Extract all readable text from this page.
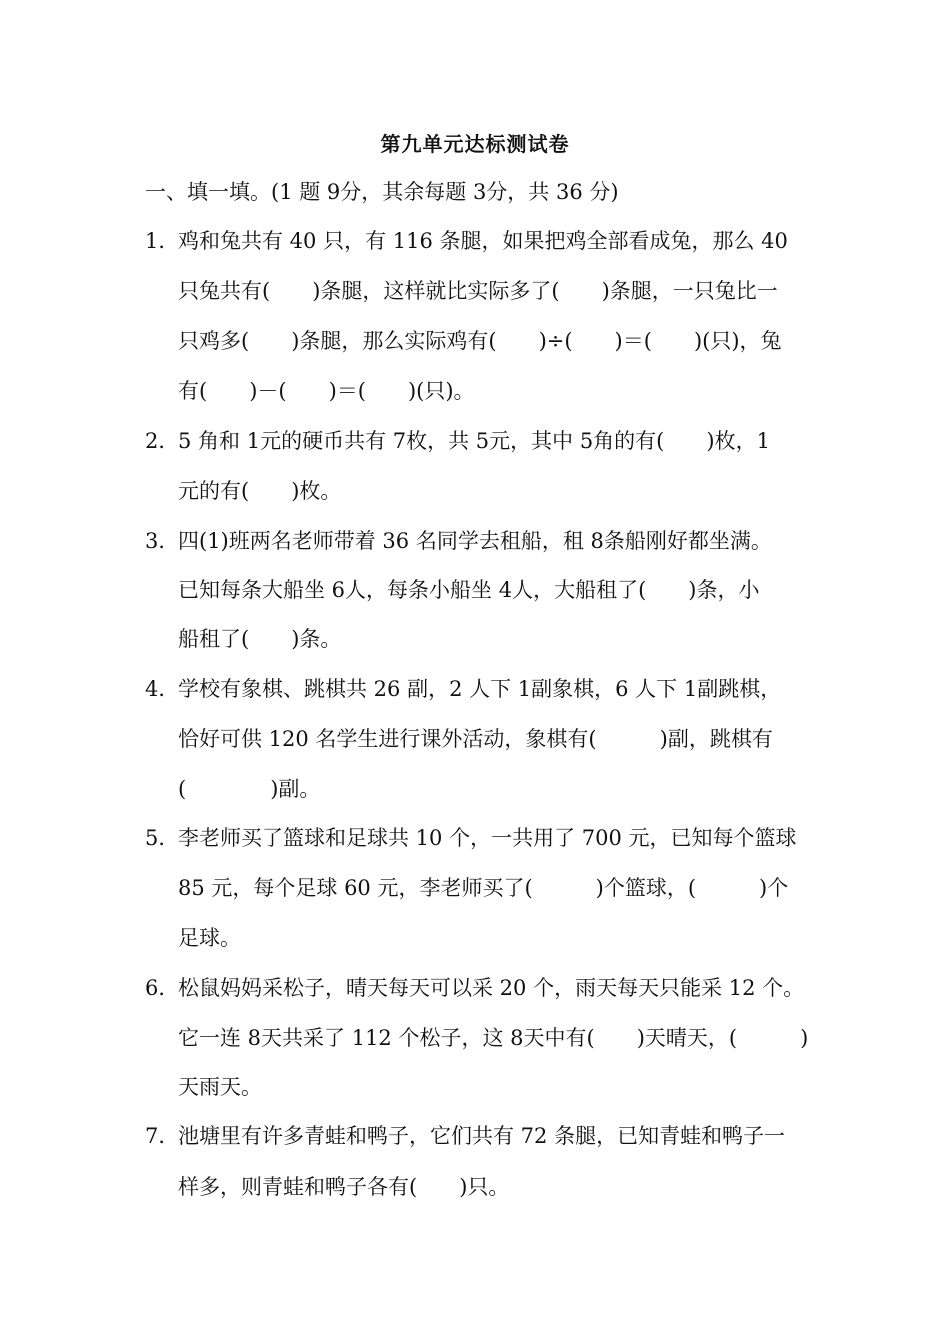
第九单元达标测试卷
一、填一填。(1 题 9分，其余每题 3分，共 36 分)
1．鸡和兔共有 40 只，有 116 条腿，如果把鸡全部看成兔，那么 40
只兔共有(　　)条腿，这样就比实际多了(　　)条腿，一只兔比一
只鸡多(　　)条腿，那么实际鸡有(　　)÷(　　)＝(　　)(只)，兔
有(　　)－(　　)＝(　　)(只)。
2．5 角和 1元的硬币共有 7枚，共 5元，其中 5角的有(　　)枚，1
元的有(　　)枚。
3．四(1)班两名老师带着 36 名同学去租船，租 8条船刚好都坐满。
已知每条大船坐 6人，每条小船坐 4人，大船租了(　　)条，小
船租了(　　)条。
4．学校有象棋、跳棋共 26 副，2 人下 1副象棋，6 人下 1副跳棋，
恰好可供 120 名学生进行课外活动，象棋有(　　　)副，跳棋有
(　　　　)副。
5．李老师买了篮球和足球共 10 个，一共用了 700 元，已知每个篮球
85 元，每个足球 60 元，李老师买了(　　　)个篮球，(　　　)个
足球。
6．松鼠妈妈采松子，晴天每天可以采 20 个，雨天每天只能采 12 个。
它一连 8天共采了 112 个松子，这 8天中有(　　)天晴天，(　　　)
天雨天。
7．池塘里有许多青蛙和鸭子，它们共有 72 条腿，已知青蛙和鸭子一
样多，则青蛙和鸭子各有(　　)只。
